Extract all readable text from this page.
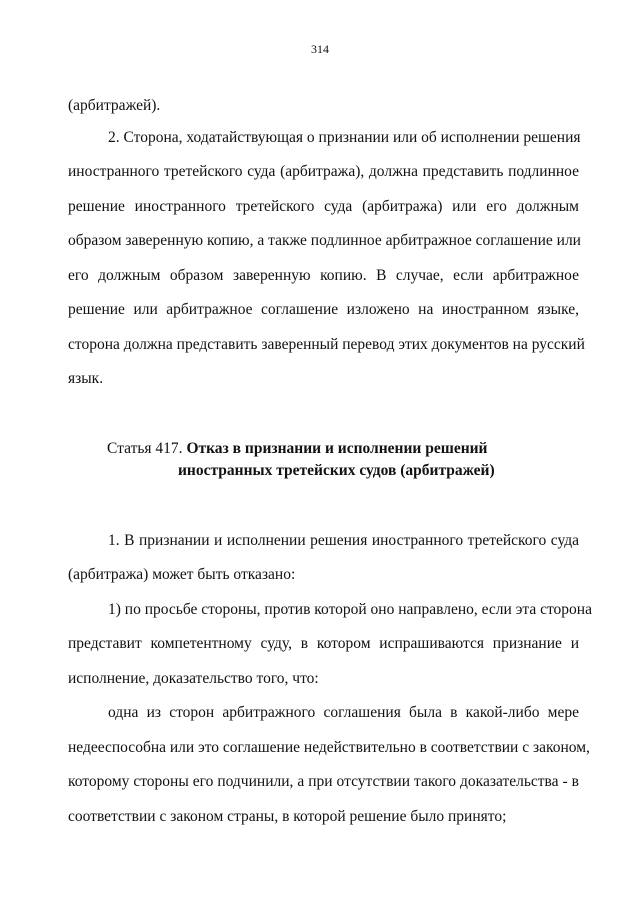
314
(арбитражей).
2. Сторона, ходатайствующая о признании или об исполнении решения
иностранного третейского суда (арбитража), должна представить подлинное
решение иностранного третейского суда (арбитража) или его должным
образом заверенную копию, а также подлинное арбитражное соглашение или
его должным образом заверенную копию. В случае, если арбитражное
решение или арбитражное соглашение изложено на иностранном языке,
сторона должна представить заверенный перевод этих документов на русский
язык.
Статья 417. Отказ в признании и исполнении решений
иностранных третейских судов (арбитражей)
1. В признании и исполнении решения иностранного третейского суда
(арбитража) может быть отказано:
1) по просьбе стороны, против которой оно направлено, если эта сторона
представит компетентному суду, в котором испрашиваются признание и
исполнение, доказательство того, что:
одна из сторон арбитражного соглашения была в какой-либо мере
недееспособна или это соглашение недействительно в соответствии с законом,
которому стороны его подчинили, а при отсутствии такого доказательства - в
соответствии с законом страны, в которой решение было принято;
